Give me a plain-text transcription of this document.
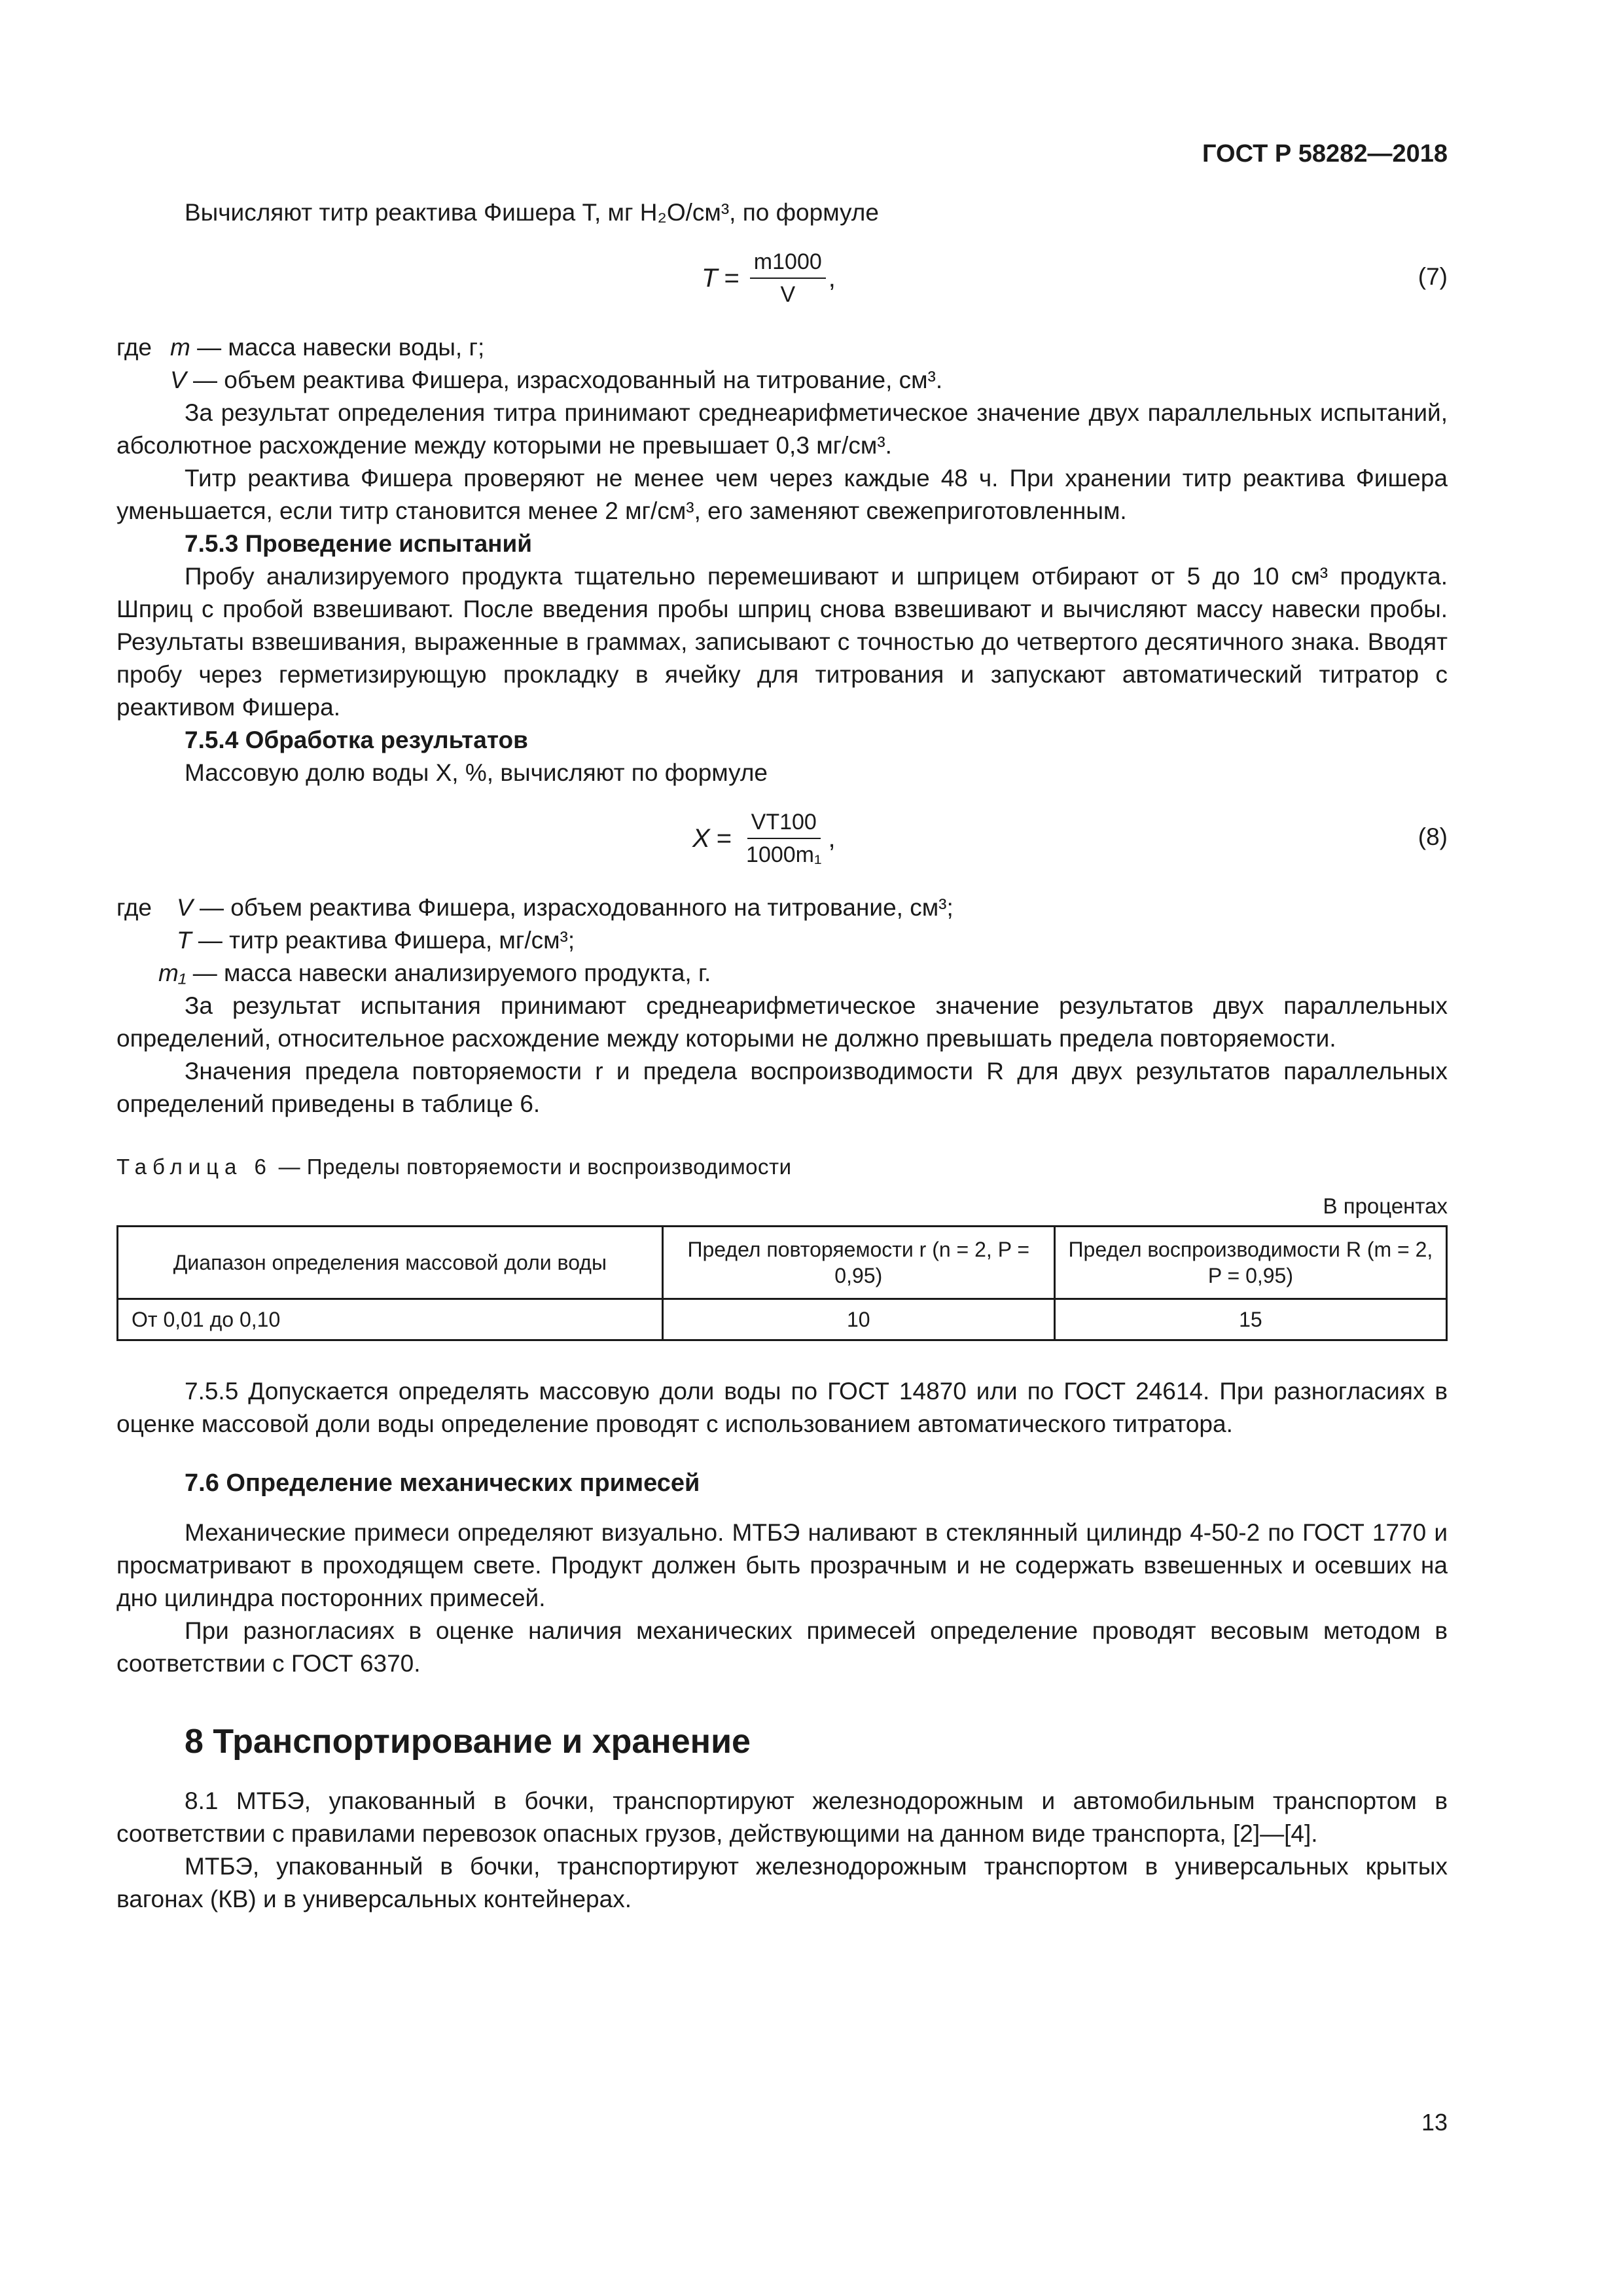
ГОСТ Р 58282—2018

Вычисляют титр реактива Фишера T, мг H₂O/см³, по формуле

$T = \frac{m1000}{V}$ ,	(7)
где m — масса навески воды, г;
V — объем реактива Фишера, израсходованный на титрование, см³.

За результат определения титра принимают среднеарифметическое значение двух параллельных испытаний, абсолютное расхождение между которыми не превышает 0,3 мг/см³.

Титр реактива Фишера проверяют не менее чем через каждые 48 ч. При хранении титр реактива Фишера уменьшается, если титр становится менее 2 мг/см³, его заменяют свежеприготовленным.

7.5.3 Проведение испытаний

Пробу анализируемого продукта тщательно перемешивают и шприцем отбирают от 5 до 10 см³ продукта. Шприц с пробой взвешивают. После введения пробы шприц снова взвешивают и вычисляют массу навески пробы. Результаты взвешивания, выраженные в граммах, записывают с точностью до четвертого десятичного знака. Вводят пробу через герметизирующую прокладку в ячейку для титрования и запускают автоматический титратор с реактивом Фишера.

7.5.4 Обработка результатов

Массовую долю воды X, %, вычисляют по формуле

$X = \frac{VT100}{\text{1000m₁}}$ ,	(8)
где V — объем реактива Фишера, израсходованного на титрование, см³;
T — титр реактива Фишера, мг/см³;
m₁ — масса навески анализируемого продукта, г.

За результат испытания принимают среднеарифметическое значение результатов двух параллельных определений, относительное расхождение между которыми не должно превышать предела повторяемости.

Значения предела повторяемости r и предела воспроизводимости R для двух результатов параллельных определений приведены в таблице 6.

Таблица 6 — Пределы повторяемости и воспроизводимости
В процентах
Диапазон определения массовой доли воды	Предел повторяемости r (n = 2, P = 0,95)	Предел воспроизводимости R (m = 2, P = 0,95)
От 0,01 до 0,10	10	15

7.5.5 Допускается определять массовую доли воды по ГОСТ 14870 или по ГОСТ 24614. При разногласиях в оценке массовой доли воды определение проводят с использованием автоматического титратора.

7.6 Определение механических примесей

Механические примеси определяют визуально. МТБЭ наливают в стеклянный цилиндр 4-50-2 по ГОСТ 1770 и просматривают в проходящем свете. Продукт должен быть прозрачным и не содержать взвешенных и осевших на дно цилиндра посторонних примесей.

При разногласиях в оценке наличия механических примесей определение проводят весовым методом в соответствии с ГОСТ 6370.

8 Транспортирование и хранение

8.1 МТБЭ, упакованный в бочки, транспортируют железнодорожным и автомобильным транспортом в соответствии с правилами перевозок опасных грузов, действующими на данном виде транспорта, [2]—[4].

МТБЭ, упакованный в бочки, транспортируют железнодорожным транспортом в универсальных крытых вагонах (КВ) и в универсальных контейнерах.

13
